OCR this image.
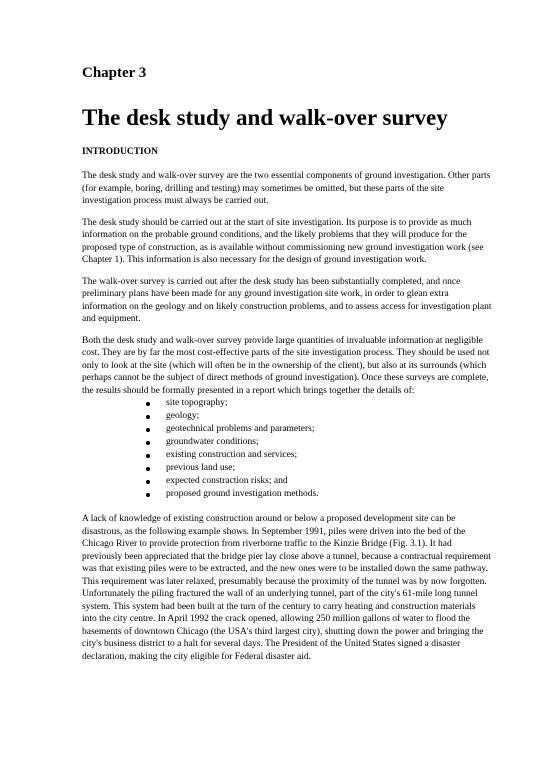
Chapter 3

The desk study and walk-over survey

INTRODUCTION

The desk study and walk-over survey are the two essential components of ground investigation. Other parts (for example, boring, drilling and testing) may sometimes be omitted, but these parts of the site investigation process must always be carried out.

The desk study should be carried out at the start of site investigation. Its purpose is to provide as much information on the probable ground conditions, and the likely problems that they will produce for the proposed type of construction, as is available without commissioning new ground investigation work (see Chapter 1). This information is also necessary for the design of ground investigation work.

The walk-over survey is carried out after the desk study has been substantially completed, and once preliminary plans have been made for any ground investigation site work, in order to glean extra information on the geology and on likely construction problems, and to assess access for investigation plant and equipment.

Both the desk study and walk-over survey provide large quantities of invaluable information at negligible cost. They are by far the most cost-effective parts of the site investigation process. They should be used not only to look at the site (which will often be in the ownership of the client), but also at its surrounds (which perhaps cannot be the subject of direct methods of ground investigation). Once these surveys are complete, the results should be formally presented in a report which brings together the details of:

site topography;
geology;
geotechnical problems and parameters;
groundwater conditions;
existing construction and services;
previous land use;
expected constraction risks; and
proposed ground investigation methods.

A lack of knowledge of existing construction around or below a proposed development site can be disastrous, as the following example shows. In September 1991, piles were driven into the bed of the Chicago River to provide protection from riverborne traffic to the Kinzie Bridge (Fig. 3.1). It had previously been appreciated that the bridge pier lay close above a tunnel, because a contractual requirement was that existing piles were to be extracted, and the new ones were to be installed down the same pathway. This requirement was later relaxed, presumably because the proximity of the tunnel was by now forgotten. Unfortunately the piling fractured the wall of an underlying tunnel, part of the city's 61-mile long tunnel system. This system had been built at the turn of the century to carry heating and construction materials into the city centre. In April 1992 the crack opened, allowing 250 million gallons of water to flood the basements of downtown Chicago (the USA's third largest city), shutting down the power and bringing the city's business district to a halt for several days. The President of the United States signed a disaster declaration, making the city eligible for Federal disaster aid.
